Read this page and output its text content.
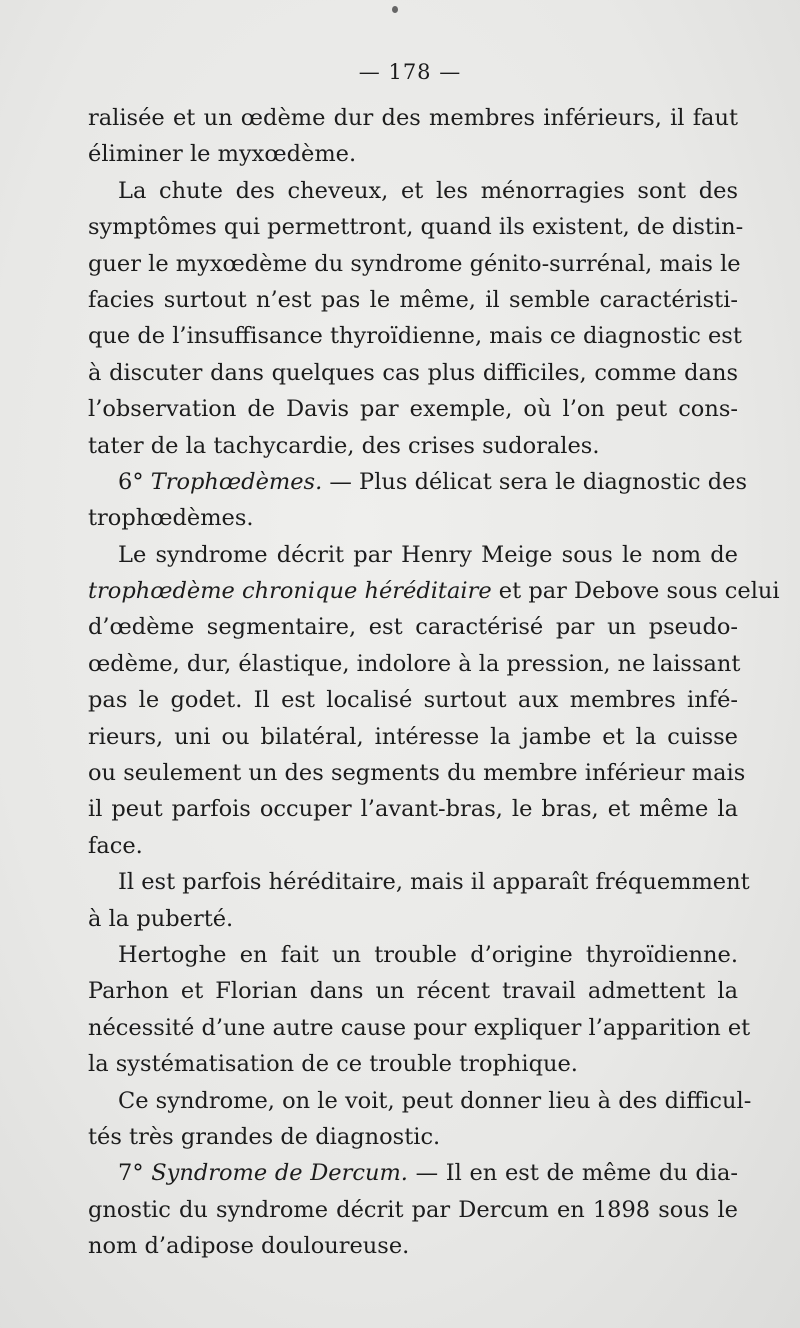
— 178 —
ralisée et un œdème dur des membres inférieurs, il faut
éliminer le myxœdème.
La chute des cheveux, et les ménorragies sont des
symptômes qui permettront, quand ils existent, de distin-
guer le myxœdème du syndrome génito-surrénal, mais le
facies surtout n’est pas le même, il semble caractéristi-
que de l’insuffisance thyroïdienne, mais ce diagnostic est
à discuter dans quelques cas plus difficiles, comme dans
l’observation de Davis par exemple, où l’on peut cons-
tater de la tachycardie, des crises sudorales.
6° Trophœdèmes. — Plus délicat sera le diagnostic des
trophœdèmes.
Le syndrome décrit par Henry Meige sous le nom de
trophœdème chronique héréditaire et par Debove sous celui
d’œdème segmentaire, est caractérisé par un pseudo-
œdème, dur, élastique, indolore à la pression, ne laissant
pas le godet. Il est localisé surtout aux membres infé-
rieurs, uni ou bilatéral, intéresse la jambe et la cuisse
ou seulement un des segments du membre inférieur mais
il peut parfois occuper l’avant-bras, le bras, et même la
face.
Il est parfois héréditaire, mais il apparaît fréquemment
à la puberté.
Hertoghe en fait un trouble d’origine thyroïdienne.
Parhon et Florian dans un récent travail admettent la
nécessité d’une autre cause pour expliquer l’apparition et
la systématisation de ce trouble trophique.
Ce syndrome, on le voit, peut donner lieu à des difficul-
tés très grandes de diagnostic.
7° Syndrome de Dercum. — Il en est de même du dia-
gnostic du syndrome décrit par Dercum en 1898 sous le
nom d’adipose douloureuse.
